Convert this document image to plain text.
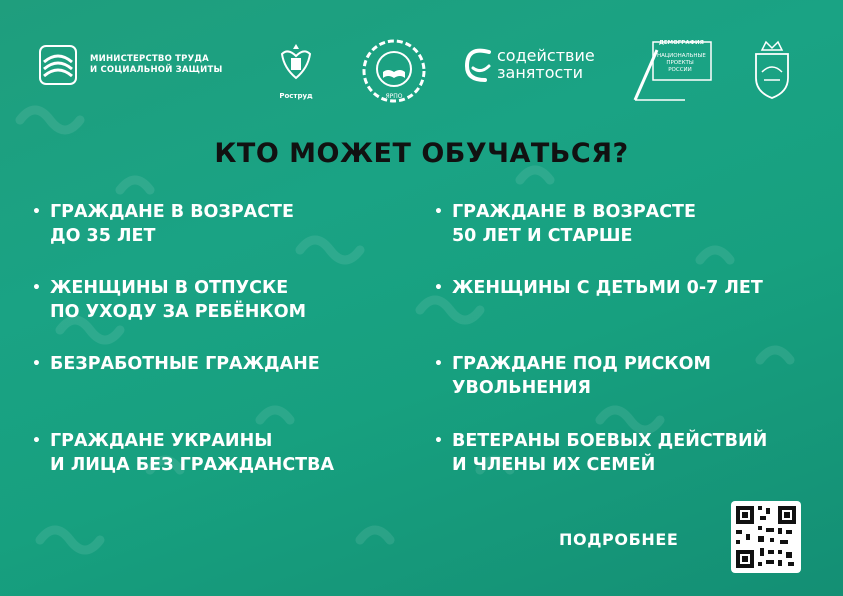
МИНИСТЕРСТВО ТРУДА
И СОЦИАЛЬНОЙ ЗАЩИТЫ
Роструд	ЯРПО
содействие
занятости
ДЕМОГРАФИЯ
НАЦИОНАЛЬНЫЕ ПРОЕКТЫ РОССИИ
КТО МОЖЕТ ОБУЧАТЬСЯ?
• ГРАЖДАНЕ В ВОЗРАСТЕ
ДО 35 ЛЕТ
• ЖЕНЩИНЫ В ОТПУСКЕ
ПО УХОДУ ЗА РЕБЁНКОМ
• БЕЗРАБОТНЫЕ ГРАЖДАНЕ
• ГРАЖДАНЕ УКРАИНЫ
И ЛИЦА БЕЗ ГРАЖДАНСТВА
• ГРАЖДАНЕ В ВОЗРАСТЕ
50 ЛЕТ И СТАРШЕ
• ЖЕНЩИНЫ С ДЕТЬМИ 0-7 ЛЕТ
• ГРАЖДАНЕ ПОД РИСКОМ
УВОЛЬНЕНИЯ
• ВЕТЕРАНЫ БОЕВЫХ ДЕЙСТВИЙ
И ЧЛЕНЫ ИХ СЕМЕЙ
ПОДРОБНЕЕ
